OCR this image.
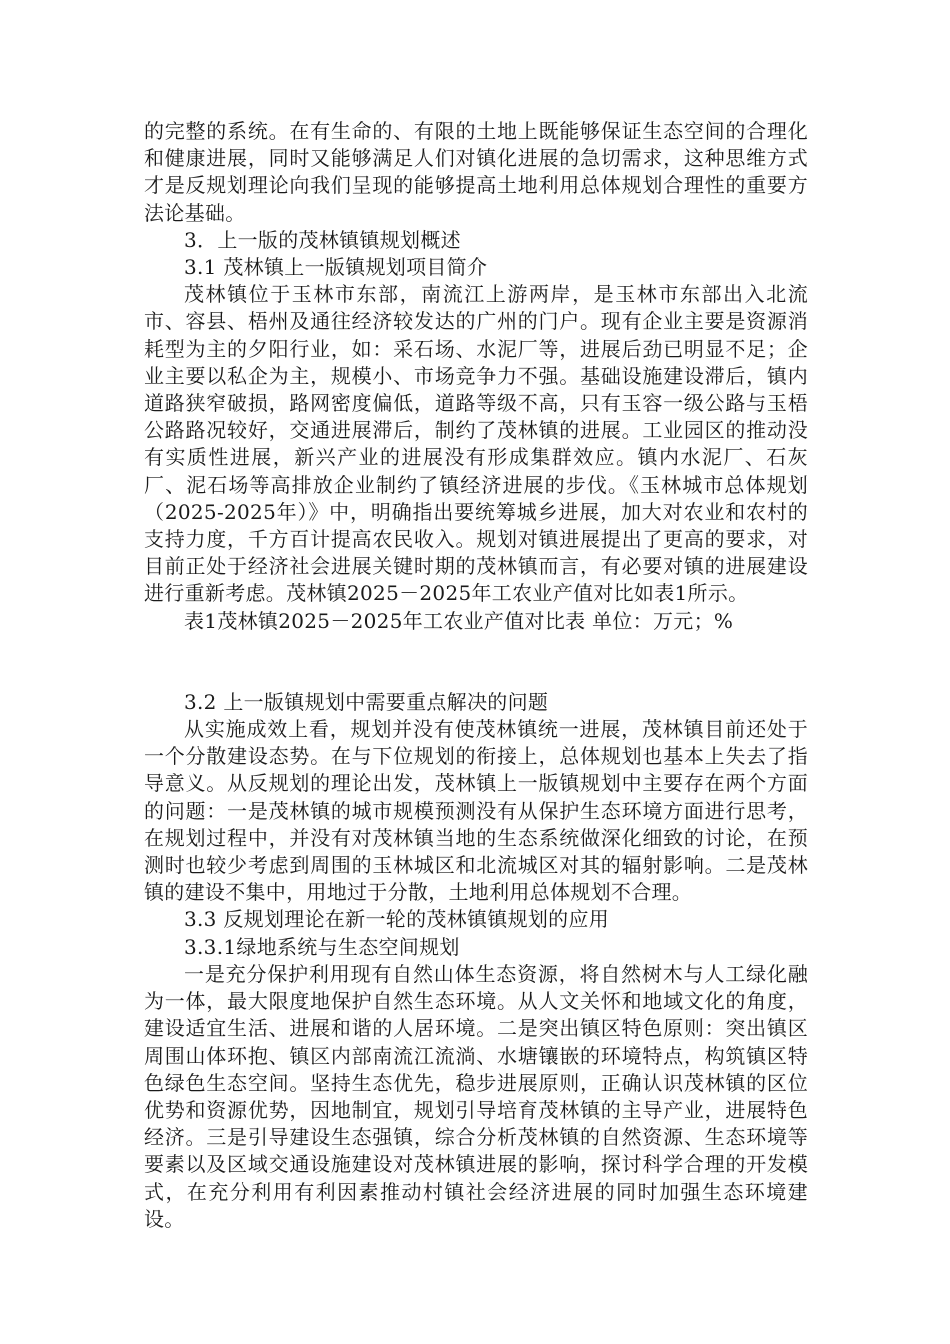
的完整的系统。在有生命的、有限的土地上既能够保证生态空间的合理化和健康进展，同时又能够满足人们对镇化进展的急切需求，这种思维方式才是反规划理论向我们呈现的能够提高土地利用总体规划合理性的重要方法论基础。

3．上一版的茂林镇镇规划概述

3.1 茂林镇上一版镇规划项目简介

茂林镇位于玉林市东部，南流江上游两岸，是玉林市东部出入北流市、容县、梧州及通往经济较发达的广州的门户。现有企业主要是资源消耗型为主的夕阳行业，如：采石场、水泥厂等，进展后劲已明显不足；企业主要以私企为主，规模小、市场竞争力不强。基础设施建设滞后，镇内道路狭窄破损，路网密度偏低，道路等级不高，只有玉容一级公路与玉梧公路路况较好，交通进展滞后，制约了茂林镇的进展。工业园区的推动没有实质性进展，新兴产业的进展没有形成集群效应。镇内水泥厂、石灰厂、泥石场等高排放企业制约了镇经济进展的步伐。《玉林城市总体规划（2025-2025年）》中，明确指出要统筹城乡进展，加大对农业和农村的支持力度，千方百计提高农民收入。规划对镇进展提出了更高的要求，对目前正处于经济社会进展关键时期的茂林镇而言，有必要对镇的进展建设进行重新考虑。茂林镇2025－2025年工农业产值对比如表1所示。

表1茂林镇2025－2025年工农业产值对比表 单位：万元；%

3.2 上一版镇规划中需要重点解决的问题

从实施成效上看，规划并没有使茂林镇统一进展，茂林镇目前还处于一个分散建设态势。在与下位规划的衔接上，总体规划也基本上失去了指导意义。从反规划的理论出发，茂林镇上一版镇规划中主要存在两个方面的问题：一是茂林镇的城市规模预测没有从保护生态环境方面进行思考，在规划过程中，并没有对茂林镇当地的生态系统做深化细致的讨论，在预测时也较少考虑到周围的玉林城区和北流城区对其的辐射影响。二是茂林镇的建设不集中，用地过于分散，土地利用总体规划不合理。

3.3 反规划理论在新一轮的茂林镇镇规划的应用

3.3.1绿地系统与生态空间规划

一是充分保护利用现有自然山体生态资源，将自然树木与人工绿化融为一体，最大限度地保护自然生态环境。从人文关怀和地域文化的角度，建设适宜生活、进展和谐的人居环境。二是突出镇区特色原则：突出镇区周围山体环抱、镇区内部南流江流淌、水塘镶嵌的环境特点，构筑镇区特色绿色生态空间。坚持生态优先，稳步进展原则，正确认识茂林镇的区位优势和资源优势，因地制宜，规划引导培育茂林镇的主导产业，进展特色经济。三是引导建设生态强镇，综合分析茂林镇的自然资源、生态环境等要素以及区域交通设施建设对茂林镇进展的影响，探讨科学合理的开发模式，在充分利用有利因素推动村镇社会经济进展的同时加强生态环境建设。
